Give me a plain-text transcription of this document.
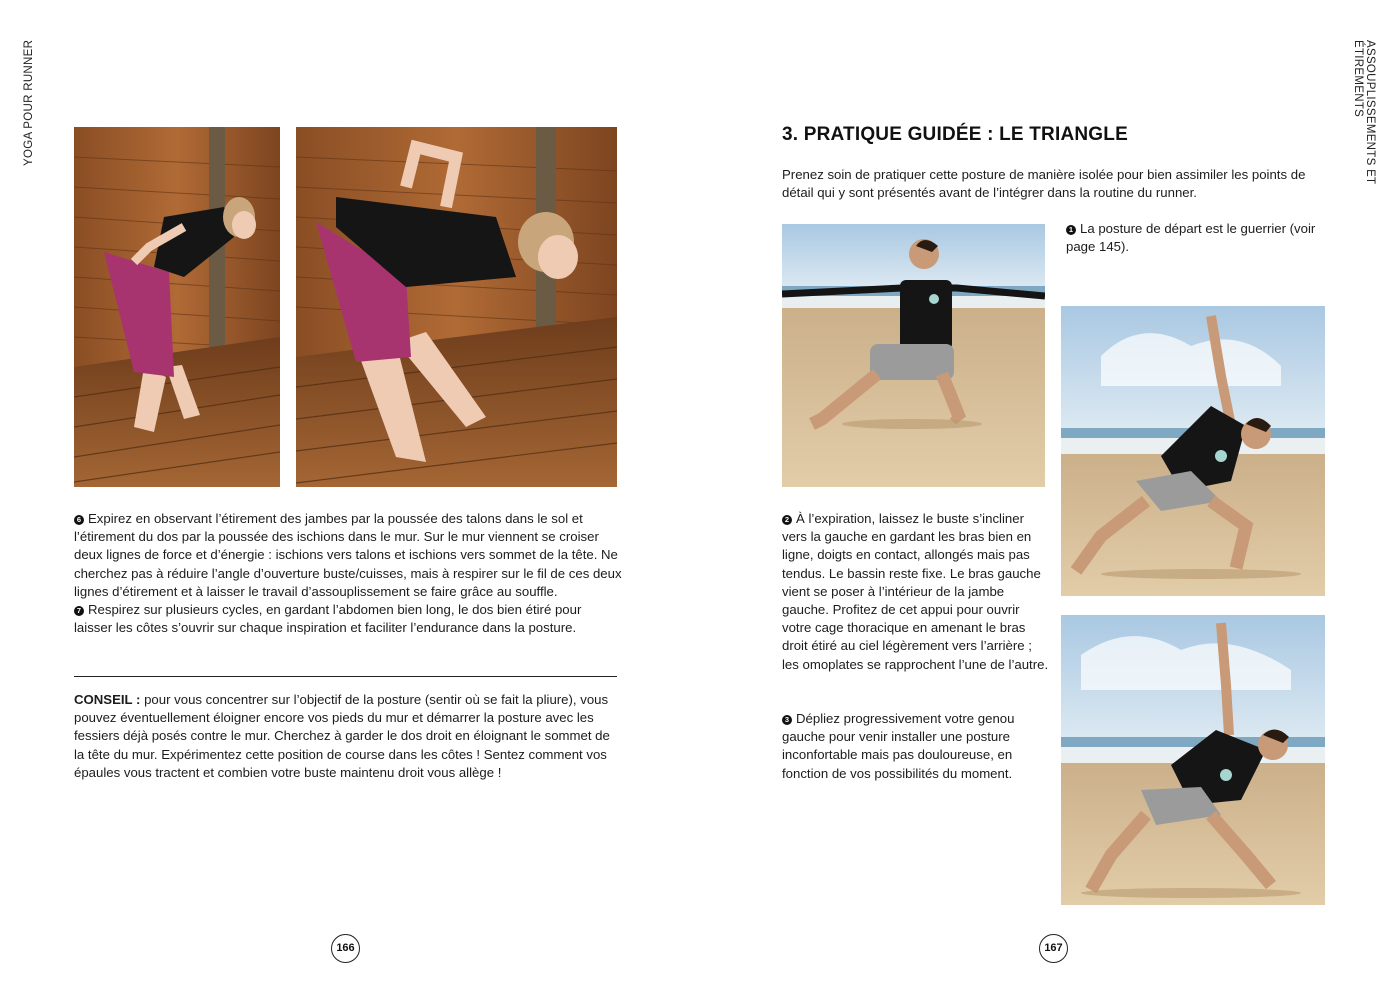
YOGA POUR RUNNER	ASSOUPLISSEMENTS ET ÉTIREMENTS

6 Expirez en observant l’étirement des jambes par la poussée des talons dans le sol et l’étirement du dos par la poussée des ischions dans le mur. Sur le mur viennent se croiser deux lignes de force et d’énergie : ischions vers talons et ischions vers sommet de la tête. Ne cherchez pas à réduire l’angle d’ouverture buste/cuisses, mais à respirer sur le fil de ces deux lignes d’étirement et à laisser le travail d’assouplissement se faire grâce au souffle.

7 Respirez sur plusieurs cycles, en gardant l’abdomen bien long, le dos bien étiré pour laisser les côtes s’ouvrir sur chaque inspiration et faciliter l’endurance dans la posture.

CONSEIL : pour vous concentrer sur l’objectif de la posture (sentir où se fait la pliure), vous pouvez éventuellement éloigner encore vos pieds du mur et démarrer la posture avec les fessiers déjà posés contre le mur. Cherchez à garder le dos droit en éloignant le sommet de la tête du mur. Expérimentez cette position de course dans les côtes ! Sentez comment vos épaules vous tractent et combien votre buste maintenu droit vous allège !

166
3. PRATIQUE GUIDÉE : LE TRIANGLE

Prenez soin de pratiquer cette posture de manière isolée pour bien assimiler les points de détail qui y sont présentés avant de l’intégrer dans la routine du runner.

1 La posture de départ est le guerrier (voir page 145).

2 À l’expiration, laissez le buste s’incliner vers la gauche en gardant les bras bien en ligne, doigts en contact, allongés mais pas tendus. Le bassin reste fixe. Le bras gauche vient se poser à l’intérieur de la jambe gauche. Profitez de cet appui pour ouvrir votre cage thoracique en amenant le bras droit étiré au ciel légèrement vers l’arrière ; les omoplates se rapprochent l’une de l’autre.

3 Dépliez progressivement votre genou gauche pour venir installer une posture inconfortable mais pas douloureuse, en fonction de vos possibilités du moment.

167
